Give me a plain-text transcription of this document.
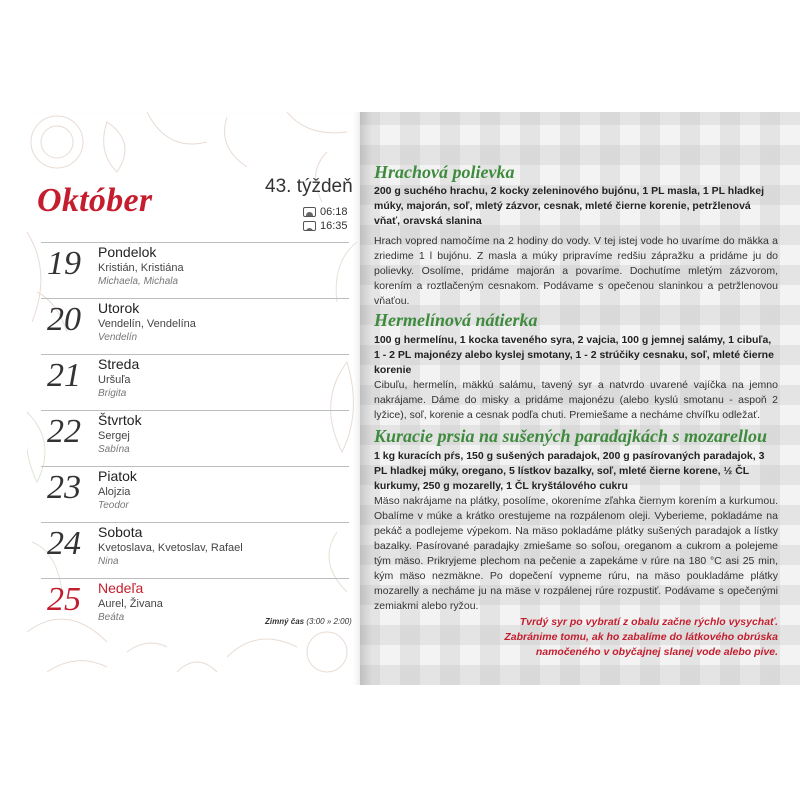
Október	43. týždeň
06:18
16:35
19 Pondelok
Kristián, Kristiána
Michaela, Michala
20 Utorok
Vendelín, Vendelína
Vendelín
21 Streda
Uršuľa
Brigita
22 Štvrtok
Sergej
Sabína
23 Piatok
Alojzia
Teodor
24 Sobota
Kvetoslava, Kvetoslav, Rafael
Nina
25 Nedeľa
Aurel, Živana
Beáta	Zimný čas (3:00 » 2:00)
Hrachová polievka
200 g suchého hrachu, 2 kocky zeleninového bujónu, 1 PL masla, 1 PL hladkej múky, majorán, soľ, mletý zázvor, cesnak, mleté čierne korenie, petržlenová vňať, oravská slanina
Hrach vopred namočíme na 2 hodiny do vody. V tej istej vode ho uvaríme do mäkka a zriedime 1 l bujónu. Z masla a múky pripravíme redšiu zápražku a pridáme ju do polievky. Osolíme, pridáme majorán a povaríme. Dochutíme mletým zázvorom, korením a roztlačeným cesnakom. Podávame s opečenou slaninkou a petržlenovou vňaťou.
Hermelínová nátierka
100 g hermelínu, 1 kocka taveného syra, 2 vajcia, 100 g jemnej salámy, 1 cibuľa, 1 - 2 PL majonézy alebo kyslej smotany, 1 - 2 strúčiky cesnaku, soľ, mleté čierne korenie
Cibuľu, hermelín, mäkkú salámu, tavený syr a natvrdo uvarené vajíčka na jemno nakrájame. Dáme do misky a pridáme majonézu (alebo kyslú smotanu - aspoň 2 lyžice), soľ, korenie a cesnak podľa chuti. Premiešame a necháme chvíľku odležať.
Kuracie prsia na sušených paradajkách s mozarellou
1 kg kuracích pŕs, 150 g sušených paradajok, 200 g pasírovaných paradajok, 3 PL hladkej múky, oregano, 5 lístkov bazalky, soľ, mleté čierne korene, ½ ČL kurkumy, 250 g mozarelly, 1 ČL kryštálového cukru
Mäso nakrájame na plátky, posolíme, okoreníme zľahka čiernym korením a kurkumou. Obalíme v múke a krátko orestujeme na rozpálenom oleji. Vyberieme, pokladáme na pekáč a podlejeme výpekom. Na mäso pokladáme plátky sušených paradajok a lístky bazalky. Pasírované paradajky zmiešame so soľou, oreganom a cukrom a polejeme tým mäso. Prikryjeme plechom na pečenie a zapekáme v rúre na 180 °C asi 25 min, kým mäso nezmäkne. Po dopečení vypneme rúru, na mäso poukladáme plátky mozarelly a necháme ju na mäse v rozpálenej rúre rozpustiť. Podávame s opečenými zemiakmi alebo ryžou.
Tvrdý syr po vybratí z obalu začne rýchlo vysychať.
Zabránime tomu, ak ho zabalíme do látkového obrúska
namočeného v obyčajnej slanej vode alebo pive.
